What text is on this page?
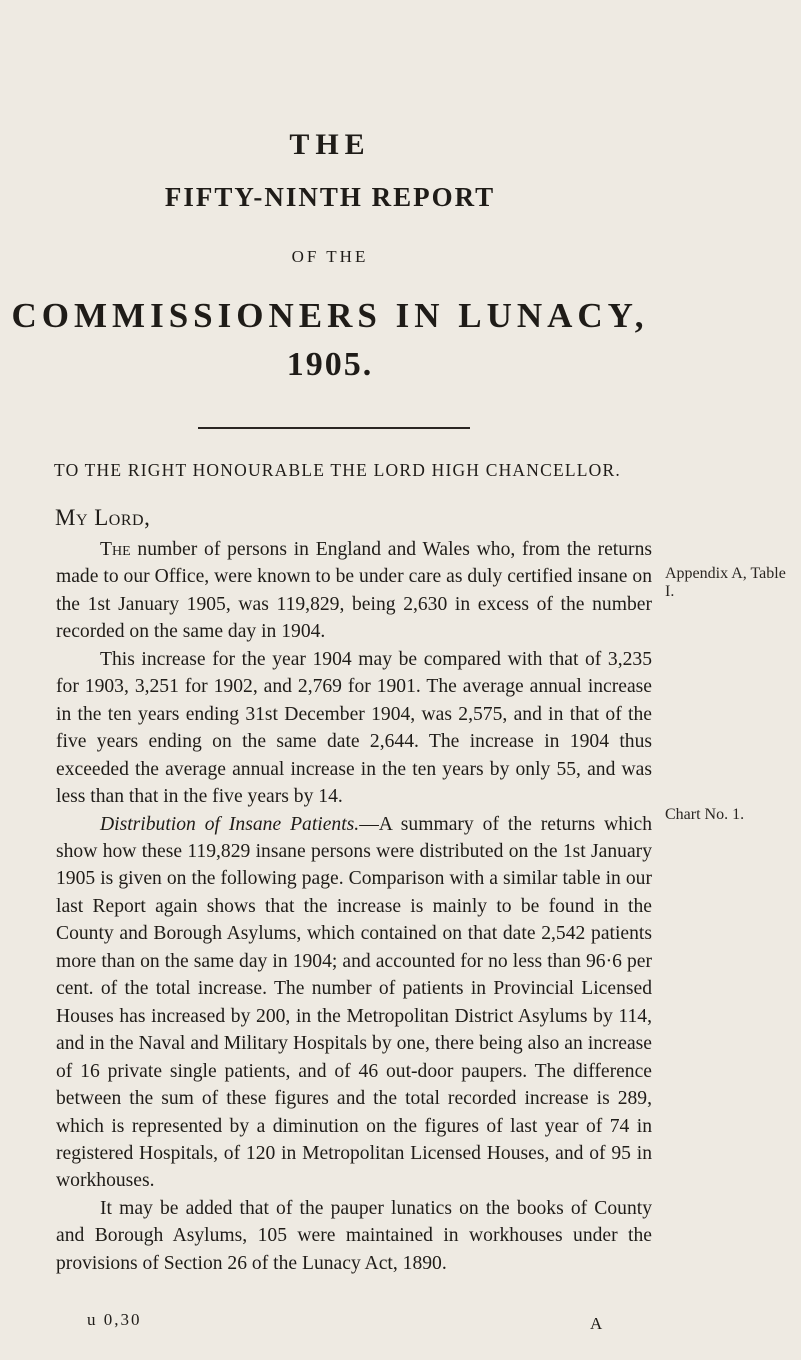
THE
FIFTY-NINTH REPORT
OF THE
COMMISSIONERS IN LUNACY,
1905.
TO THE RIGHT HONOURABLE THE LORD HIGH CHANCELLOR.
My Lord,

The number of persons in England and Wales who, from the returns made to our Office, were known to be under care as duly certified insane on the 1st January 1905, was 119,829, being 2,630 in excess of the number recorded on the same day in 1904.

This increase for the year 1904 may be compared with that of 3,235 for 1903, 3,251 for 1902, and 2,769 for 1901. The average annual increase in the ten years ending 31st December 1904, was 2,575, and in that of the five years ending on the same date 2,644. The increase in 1904 thus exceeded the average annual increase in the ten years by only 55, and was less than that in the five years by 14.

Distribution of Insane Patients.—A summary of the returns which show how these 119,829 insane persons were distributed on the 1st January 1905 is given on the following page. Comparison with a similar table in our last Report again shows that the increase is mainly to be found in the County and Borough Asylums, which contained on that date 2,542 patients more than on the same day in 1904; and accounted for no less than 96·6 per cent. of the total increase. The number of patients in Provincial Licensed Houses has increased by 200, in the Metropolitan District Asylums by 114, and in the Naval and Military Hospitals by one, there being also an increase of 16 private single patients, and of 46 out-door paupers. The difference between the sum of these figures and the total recorded increase is 289, which is represented by a diminution on the figures of last year of 74 in registered Hospitals, of 120 in Metropolitan Licensed Houses, and of 95 in workhouses.

It may be added that of the pauper lunatics on the books of County and Borough Asylums, 105 were maintained in workhouses under the provisions of Section 26 of the Lunacy Act, 1890.

Appendix A, Table I.
Chart No. 1.
u 0,30	A
